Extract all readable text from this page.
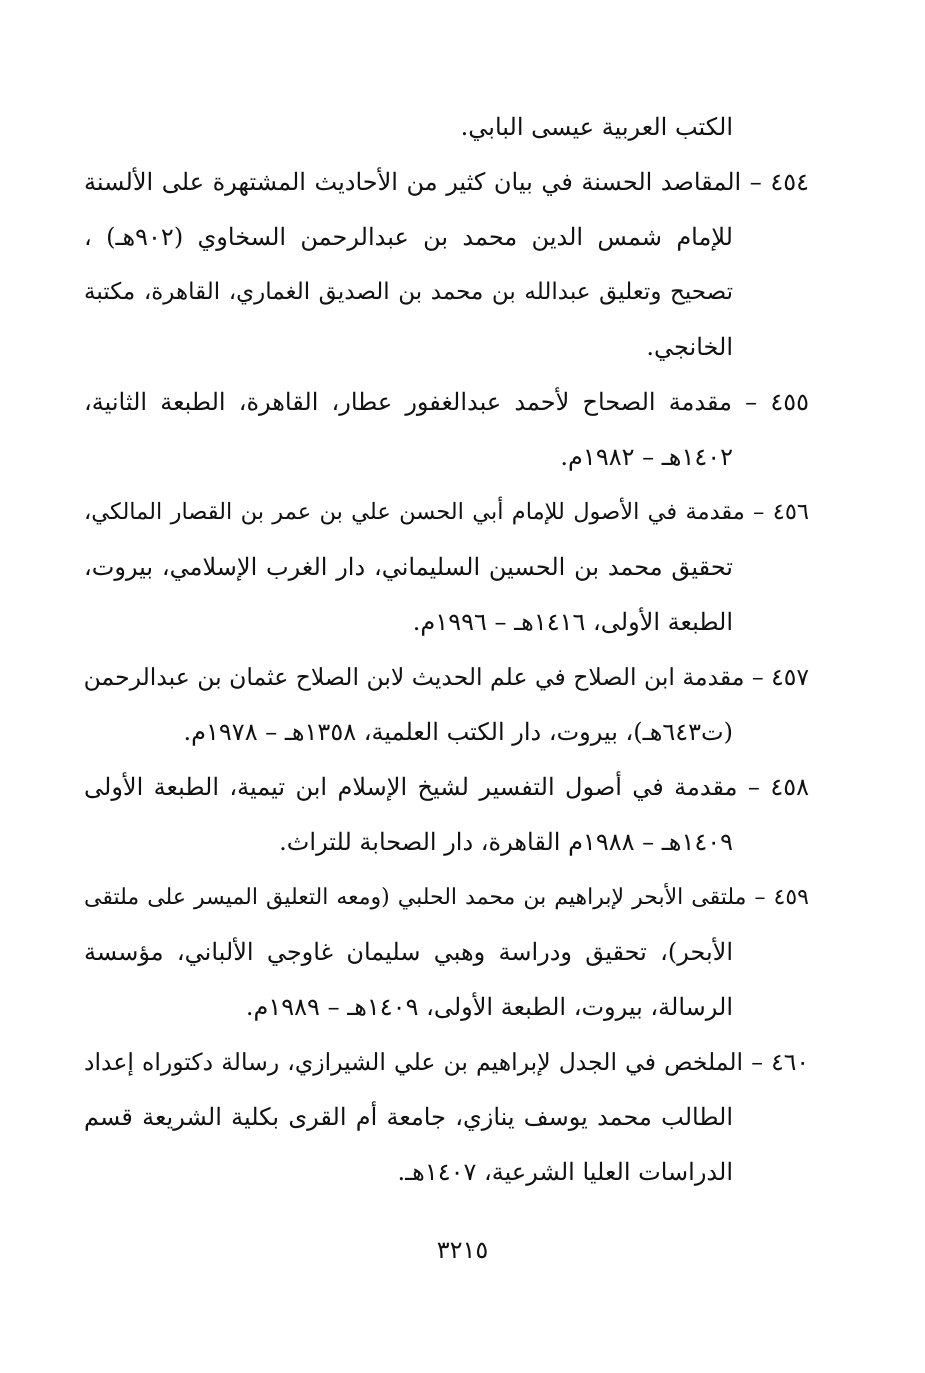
الكتب العربية عيسى البابي.
٤٥٤ – المقاصد الحسنة في بيان كثير من الأحاديث المشتهرة على الألسنة
للإمام شمس الدين محمد بن عبدالرحمن السخاوي (٩٠٢هـ) ،
تصحيح وتعليق عبدالله بن محمد بن الصديق الغماري، القاهرة، مكتبة
الخانجي.
٤٥٥ – مقدمة الصحاح لأحمد عبدالغفور عطار، القاهرة، الطبعة الثانية،
١٤٠٢هـ – ١٩٨٢م.
٤٥٦ – مقدمة في الأصول للإمام أبي الحسن علي بن عمر بن القصار المالكي،
تحقيق محمد بن الحسين السليماني، دار الغرب الإسلامي، بيروت،
الطبعة الأولى، ١٤١٦هـ – ١٩٩٦م.
٤٥٧ – مقدمة ابن الصلاح في علم الحديث لابن الصلاح عثمان بن عبدالرحمن
(ت٦٤٣هـ)، بيروت، دار الكتب العلمية، ١٣٥٨هـ – ١٩٧٨م.
٤٥٨ – مقدمة في أصول التفسير لشيخ الإسلام ابن تيمية، الطبعة الأولى
١٤٠٩هـ – ١٩٨٨م القاهرة، دار الصحابة للتراث.
٤٥٩ – ملتقى الأبحر لإبراهيم بن محمد الحلبي (ومعه التعليق الميسر على ملتقى
الأبحر)، تحقيق ودراسة وهبي سليمان غاوجي الألباني، مؤسسة
الرسالة، بيروت، الطبعة الأولى، ١٤٠٩هـ – ١٩٨٩م.
٤٦٠ – الملخص في الجدل لإبراهيم بن علي الشيرازي، رسالة دكتوراه إعداد
الطالب محمد يوسف ينازي، جامعة أم القرى بكلية الشريعة قسم
الدراسات العليا الشرعية، ١٤٠٧هـ.
٣٢١٥
